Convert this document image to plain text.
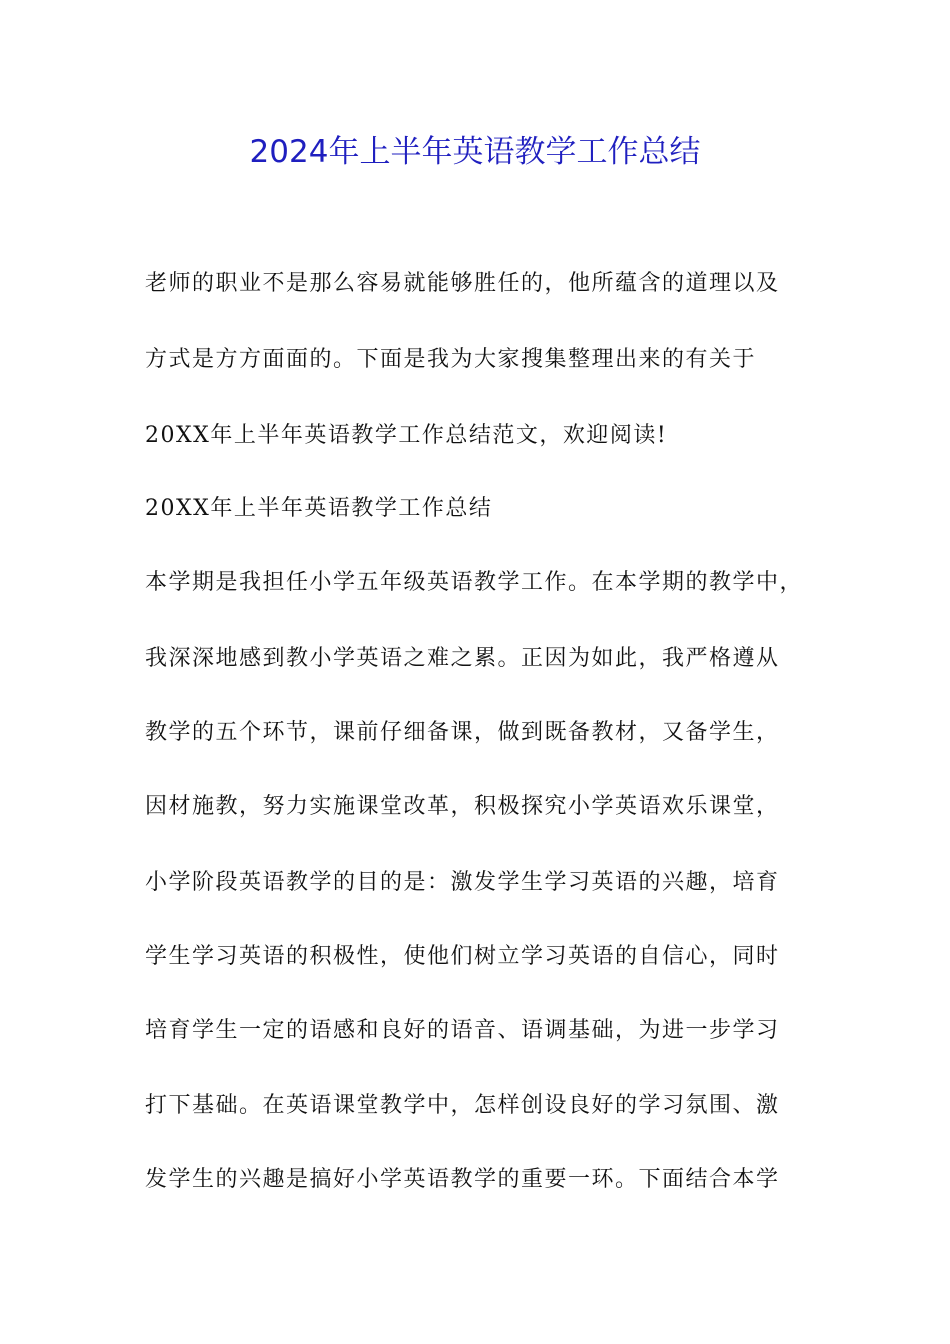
2024年上半年英语教学工作总结

老师的职业不是那么容易就能够胜任的，他所蕴含的道理以及

方式是方方面面的。下面是我为大家搜集整理出来的有关于

20XX年上半年英语教学工作总结范文，欢迎阅读!

20XX年上半年英语教学工作总结

本学期是我担任小学五年级英语教学工作。在本学期的教学中，

我深深地感到教小学英语之难之累。正因为如此，我严格遵从

教学的五个环节，课前仔细备课，做到既备教材，又备学生，

因材施教，努力实施课堂改革，积极探究小学英语欢乐课堂，

小学阶段英语教学的目的是：激发学生学习英语的兴趣，培育

学生学习英语的积极性，使他们树立学习英语的自信心，同时

培育学生一定的语感和良好的语音、语调基础，为进一步学习

打下基础。在英语课堂教学中，怎样创设良好的学习氛围、激

发学生的兴趣是搞好小学英语教学的重要一环。下面结合本学
